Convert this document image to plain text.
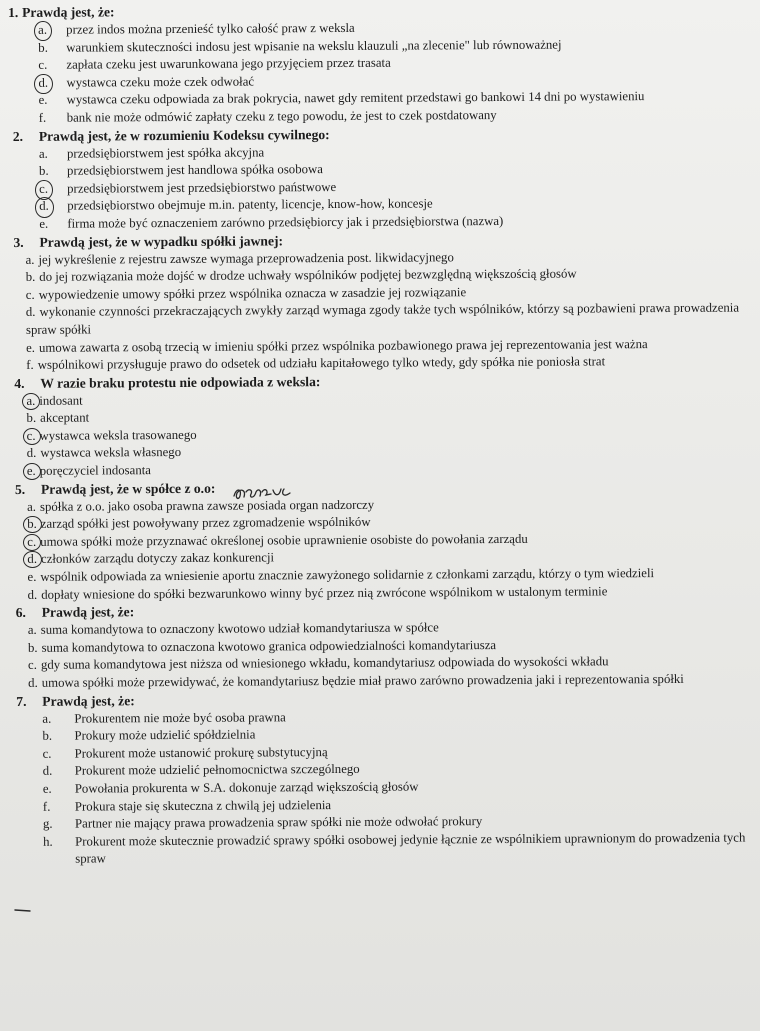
1. Prawdą jest, że:
a. przez indos można przenieść tylko całość praw z weksla
b. warunkiem skuteczności indosu jest wpisanie na wekslu klauzuli „na zlecenie" lub równoważnej
c. zapłata czeku jest uwarunkowana jego przyjęciem przez trasata
d. wystawca czeku może czek odwołać
e. wystawca czeku odpowiada za brak pokrycia, nawet gdy remitent przedstawi go bankowi 14 dni po wystawieniu
f. bank nie może odmówić zapłaty czeku z tego powodu, że jest to czek postdatowany
2. Prawdą jest, że w rozumieniu Kodeksu cywilnego:
a. przedsiębiorstwem jest spółka akcyjna
b. przedsiębiorstwem jest handlowa spółka osobowa
c. przedsiębiorstwem jest przedsiębiorstwo państwowe
d. przedsiębiorstwo obejmuje m.in. patenty, licencje, know-how, koncesje
e. firma może być oznaczeniem zarówno przedsiębiorcy jak i przedsiębiorstwa (nazwa)
3. Prawdą jest, że w wypadku spółki jawnej:
a. jej wykreślenie z rejestru zawsze wymaga przeprowadzenia post. likwidacyjnego
b. do jej rozwiązania może dojść w drodze uchwały wspólników podjętej bezwzględną większością głosów
c. wypowiedzenie umowy spółki przez wspólnika oznacza w zasadzie jej rozwiązanie
d. wykonanie czynności przekraczających zwykły zarząd wymaga zgody także tych wspólników, którzy są pozbawieni prawa prowadzenia spraw spółki
e. umowa zawarta z osobą trzecią w imieniu spółki przez wspólnika pozbawionego prawa jej reprezentowania jest ważna
f. wspólnikowi przysługuje prawo do odsetek od udziału kapitałowego tylko wtedy, gdy spółka nie poniosła strat
4. W razie braku protestu nie odpowiada z weksla:
a. indosant
b. akceptant
c. wystawca weksla trasowanego
d. wystawca weksla własnego
e. poręczyciel indosanta
5. Prawdą jest, że w spółce z o.o:
a. spółka z o.o. jako osoba prawna zawsze posiada organ nadzorczy
b. zarząd spółki jest powoływany przez zgromadzenie wspólników
c. umowa spółki może przyznawać określonej osobie uprawnienie osobiste do powołania zarządu
d. członków zarządu dotyczy zakaz konkurencji
e. wspólnik odpowiada za wniesienie aportu znacznie zawyżonego solidarnie z członkami zarządu, którzy o tym wiedzieli
d. dopłaty wniesione do spółki bezwarunkowo winny być przez nią zwrócone wspólnikom w ustalonym terminie
6. Prawdą jest, że:
a. suma komandytowa to oznaczony kwotowo udział komandytariusza w spółce
b. suma komandytowa to oznaczona kwotowo granica odpowiedzialności komandytariusza
c. gdy suma komandytowa jest niższa od wniesionego wkładu, komandytariusz odpowiada do wysokości wkładu
d. umowa spółki może przewidywać, że komandytariusz będzie miał prawo zarówno prowadzenia jaki i reprezentowania spółki
7. Prawdą jest, że:
a. Prokurentem nie może być osoba prawna
b. Prokury może udzielić spółdzielnia
c. Prokurent może ustanowić prokurę substytucyjną
d. Prokurent może udzielić pełnomocnictwa szczególnego
e. Powołania prokurenta w S.A. dokonuje zarząd większością głosów
f. Prokura staje się skuteczna z chwilą jej udzielenia
g. Partner nie mający prawa prowadzenia spraw spółki nie może odwołać prokury
h. Prokurent może skutecznie prowadzić sprawy spółki osobowej jedynie łącznie ze wspólnikiem uprawnionym do prowadzenia tych spraw
